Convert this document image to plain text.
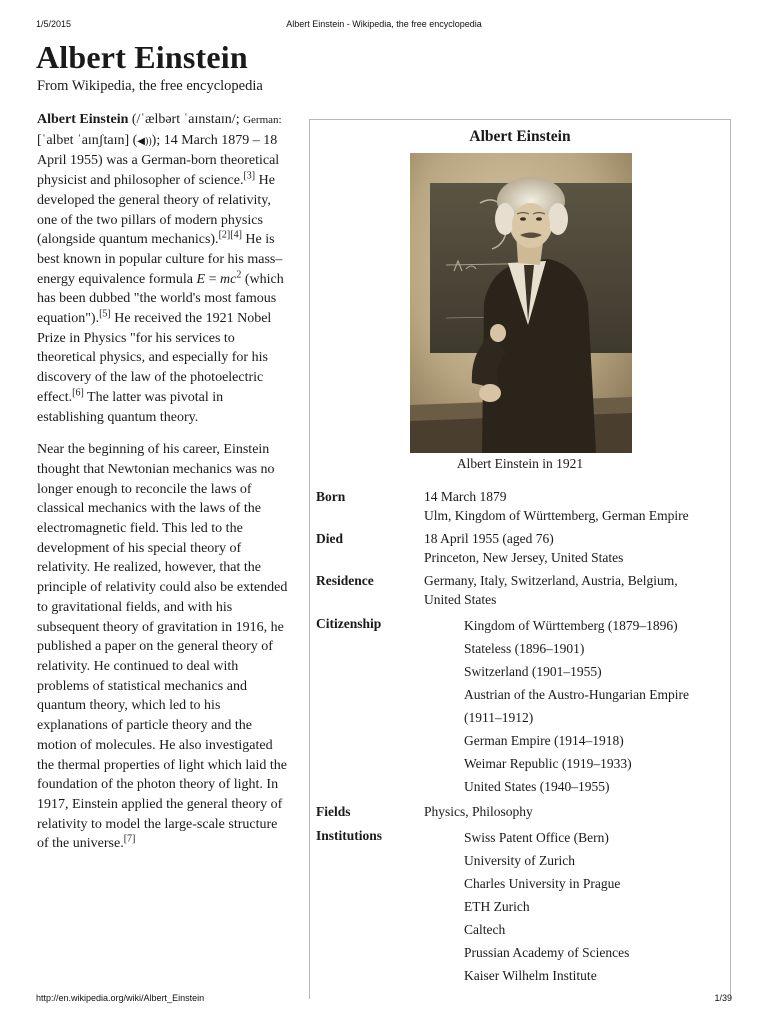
1/5/2015	Albert Einstein - Wikipedia, the free encyclopedia
Albert Einstein
From Wikipedia, the free encyclopedia

Albert Einstein (/ˈælbərt ˈaɪnstaɪn/; German: [ˈalbɐt ˈaɪnʃtaɪn] (◀))); 14 March 1879 – 18 April 1955) was a German-born theoretical physicist and philosopher of science.[3] He developed the general theory of relativity, one of the two pillars of modern physics (alongside quantum mechanics).[2][4] He is best known in popular culture for his mass–energy equivalence formula $E = mc^2$ (which has been dubbed "the world's most famous equation").[5] He received the 1921 Nobel Prize in Physics "for his services to theoretical physics, and especially for his discovery of the law of the photoelectric effect.[6] The latter was pivotal in establishing quantum theory.

Near the beginning of his career, Einstein thought that Newtonian mechanics was no longer enough to reconcile the laws of classical mechanics with the laws of the electromagnetic field. This led to the development of his special theory of relativity. He realized, however, that the principle of relativity could also be extended to gravitational fields, and with his subsequent theory of gravitation in 1916, he published a paper on the general theory of relativity. He continued to deal with problems of statistical mechanics and quantum theory, which led to his explanations of particle theory and the motion of molecules. He also investigated the thermal properties of light which laid the foundation of the photon theory of light. In 1917, Einstein applied the general theory of relativity to model the large-scale structure of the universe.[7]

Albert Einstein
Albert Einstein in 1921
Born	14 March 1879
Ulm, Kingdom of Württemberg, German Empire
Died	18 April 1955 (aged 76)
Princeton, New Jersey, United States
Residence	Germany, Italy, Switzerland, Austria, Belgium,
United States
Citizenship	Kingdom of Württemberg (1879–1896)
Stateless (1896–1901)
Switzerland (1901–1955)
Austrian of the Austro-Hungarian Empire
(1911–1912)
German Empire (1914–1918)
Weimar Republic (1919–1933)
United States (1940–1955)
Fields	Physics, Philosophy
Institutions	Swiss Patent Office (Bern)
University of Zurich
Charles University in Prague
ETH Zurich
Caltech
Prussian Academy of Sciences
Kaiser Wilhelm Institute
http://en.wikipedia.org/wiki/Albert_Einstein	1/39
